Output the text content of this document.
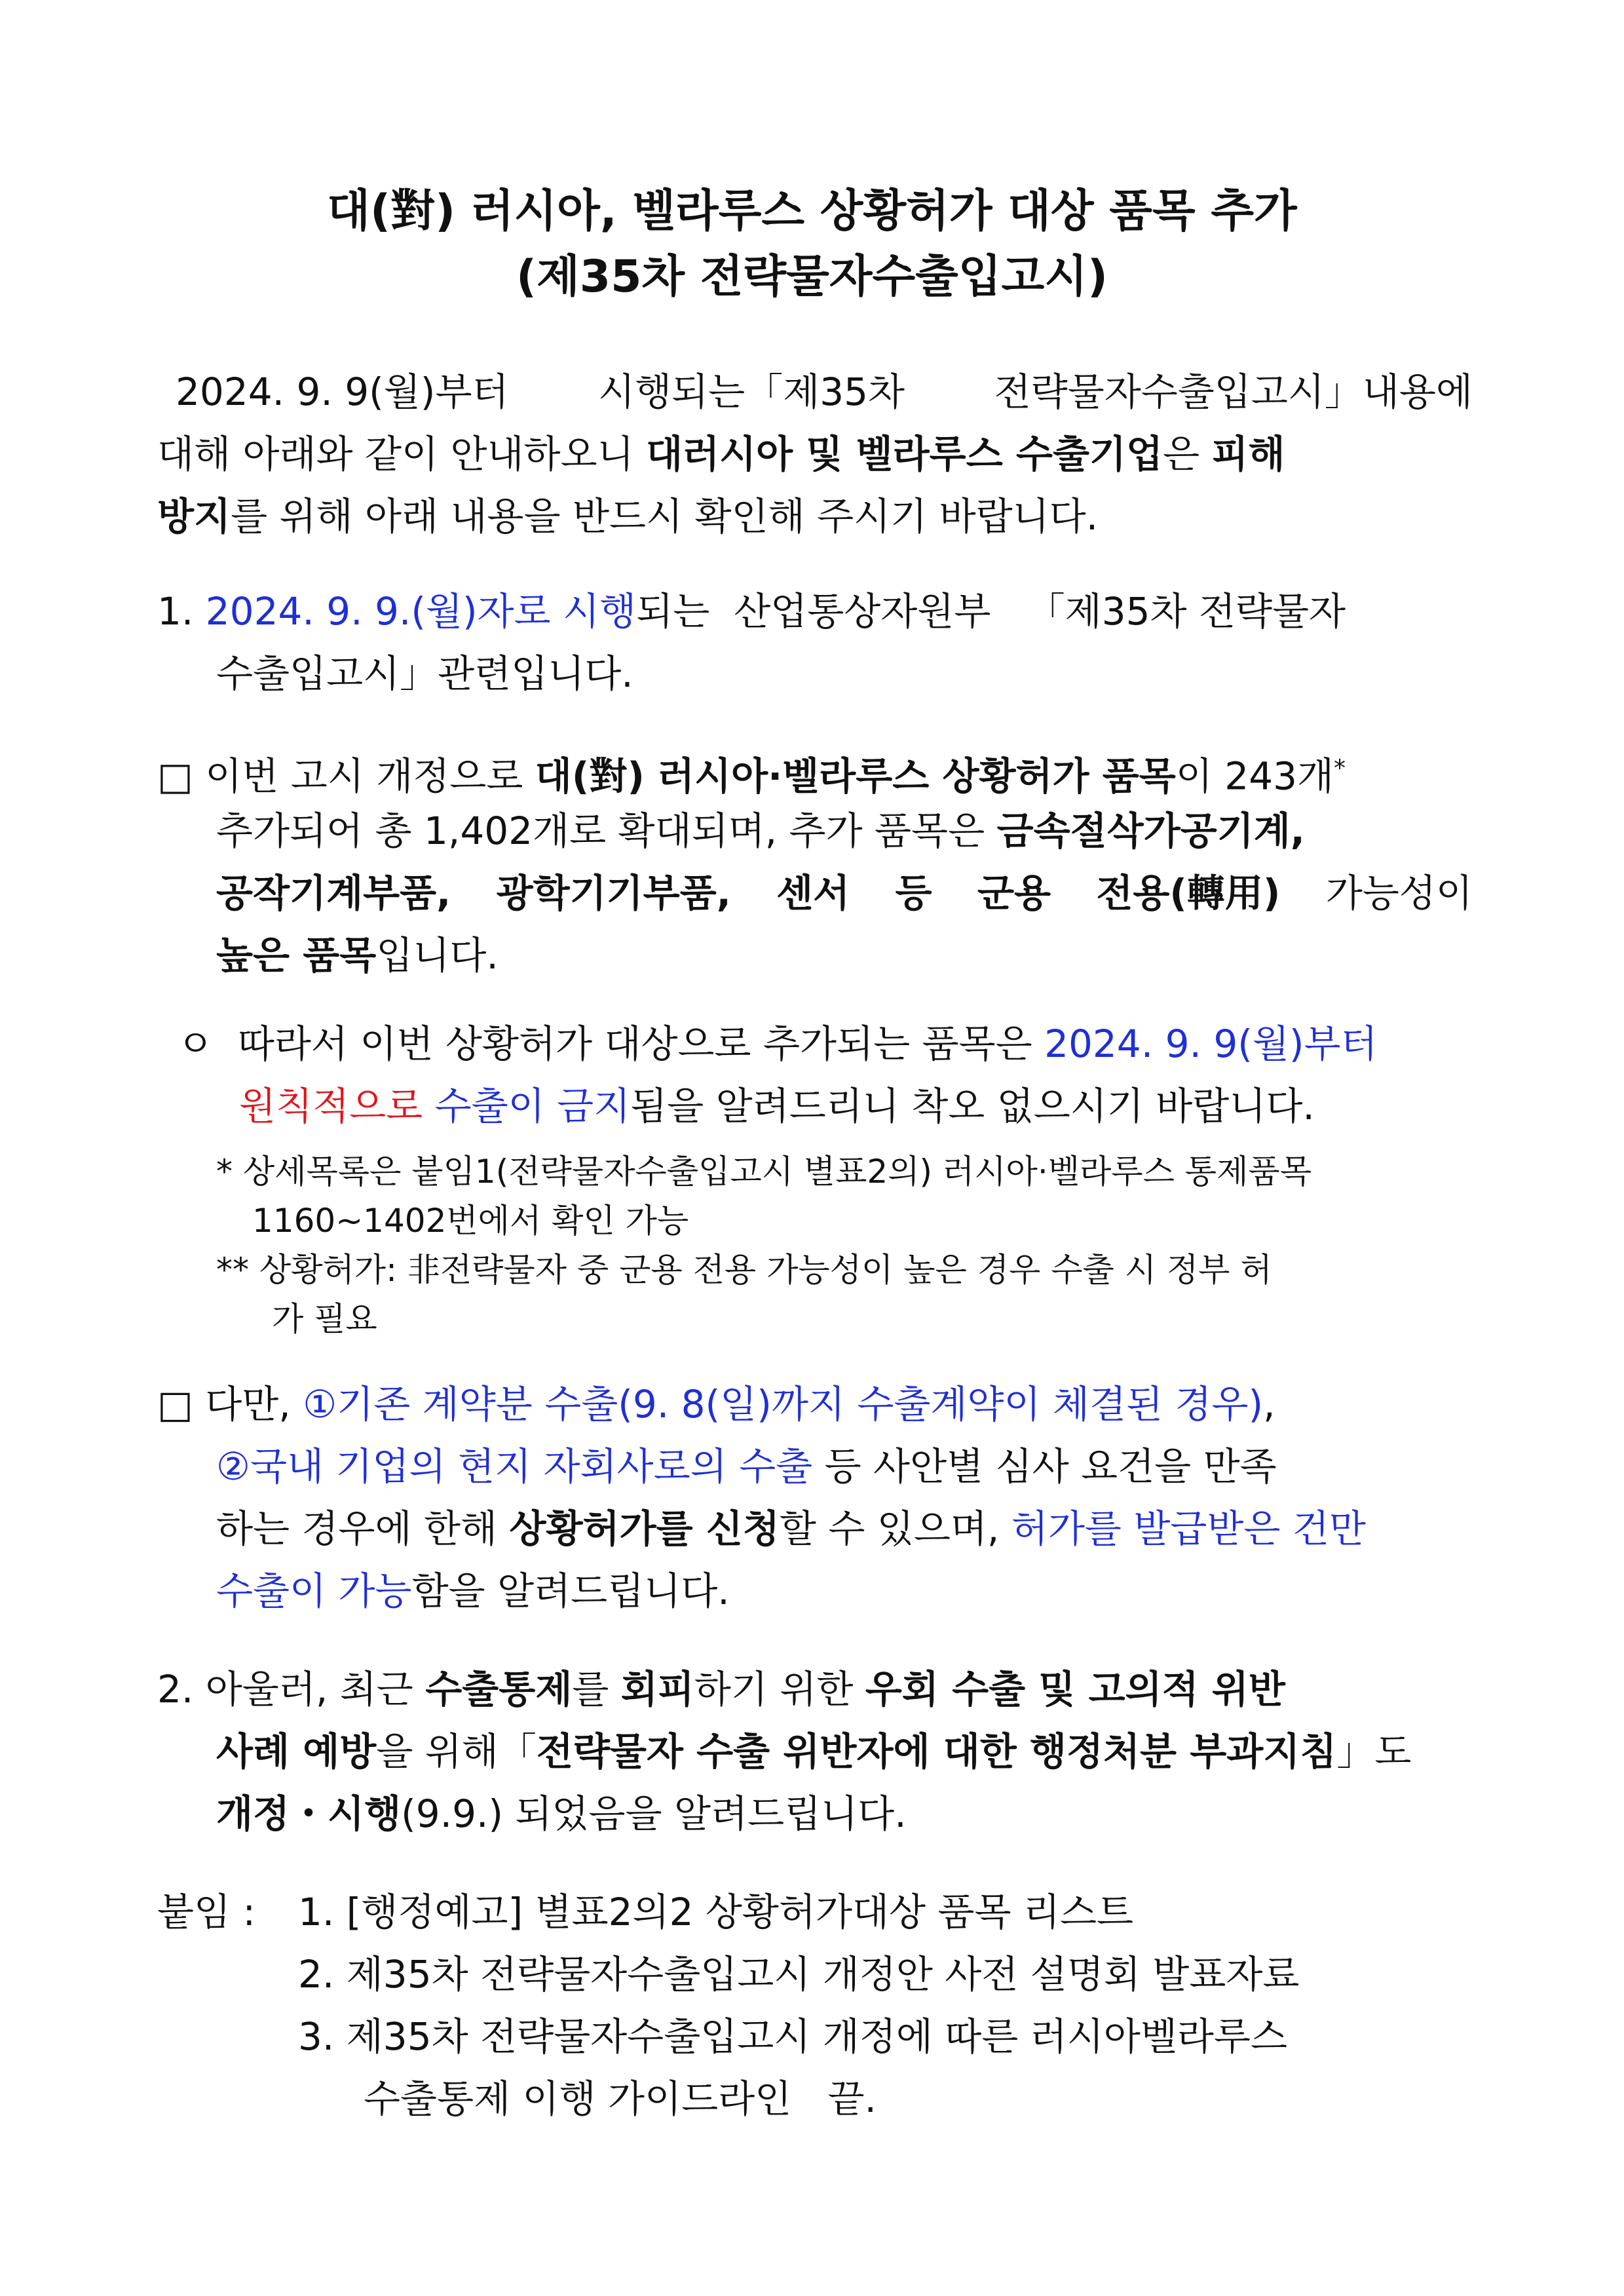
대(對) 러시아, 벨라루스 상황허가 대상 품목 추가
(제35차 전략물자수출입고시)
2024. 9. 9(월)부터 시행되는「제35차 전략물자수출입고시」내용에
대해 아래와 같이 안내하오니 대러시아 및 벨라루스 수출기업은 피해
방지를 위해 아래 내용을 반드시 확인해 주시기 바랍니다.
1. 2024. 9. 9.(월)자로 시행되는 산업통상자원부 「제35차 전략물자
수출입고시」관련입니다.
□ 이번 고시 개정으로 대(對) 러시아·벨라루스 상황허가 품목이 243개*
추가되어 총 1,402개로 확대되며, 추가 품목은 금속절삭가공기계,
공작기계부품, 광학기기부품, 센서 등 군용 전용(轉用) 가능성이
높은 품목입니다.
ㅇ 따라서 이번 상황허가 대상으로 추가되는 품목은 2024. 9. 9(월)부터
원칙적으로 수출이 금지됨을 알려드리니 착오 없으시기 바랍니다.
* 상세목록은 붙임1(전략물자수출입고시 별표2의) 러시아·벨라루스 통제품목
1160~1402번에서 확인 가능
** 상황허가: 非전략물자 중 군용 전용 가능성이 높은 경우 수출 시 정부 허
가 필요
□ 다만, ①기존 계약분 수출(9. 8(일)까지 수출계약이 체결된 경우),
②국내 기업의 현지 자회사로의 수출 등 사안별 심사 요건을 만족
하는 경우에 한해 상황허가를 신청할 수 있으며, 허가를 발급받은 건만
수출이 가능함을 알려드립니다.
2. 아울러, 최근 수출통제를 회피하기 위한 우회 수출 및 고의적 위반
사례 예방을 위해「전략물자 수출 위반자에 대한 행정처분 부과지침」도
개정・시행(9.9.) 되었음을 알려드립니다.
붙임 : 1. [행정예고] 별표2의2 상황허가대상 품목 리스트
2. 제35차 전략물자수출입고시 개정안 사전 설명회 발표자료
3. 제35차 전략물자수출입고시 개정에 따른 러시아벨라루스
수출통제 이행 가이드라인 끝.
